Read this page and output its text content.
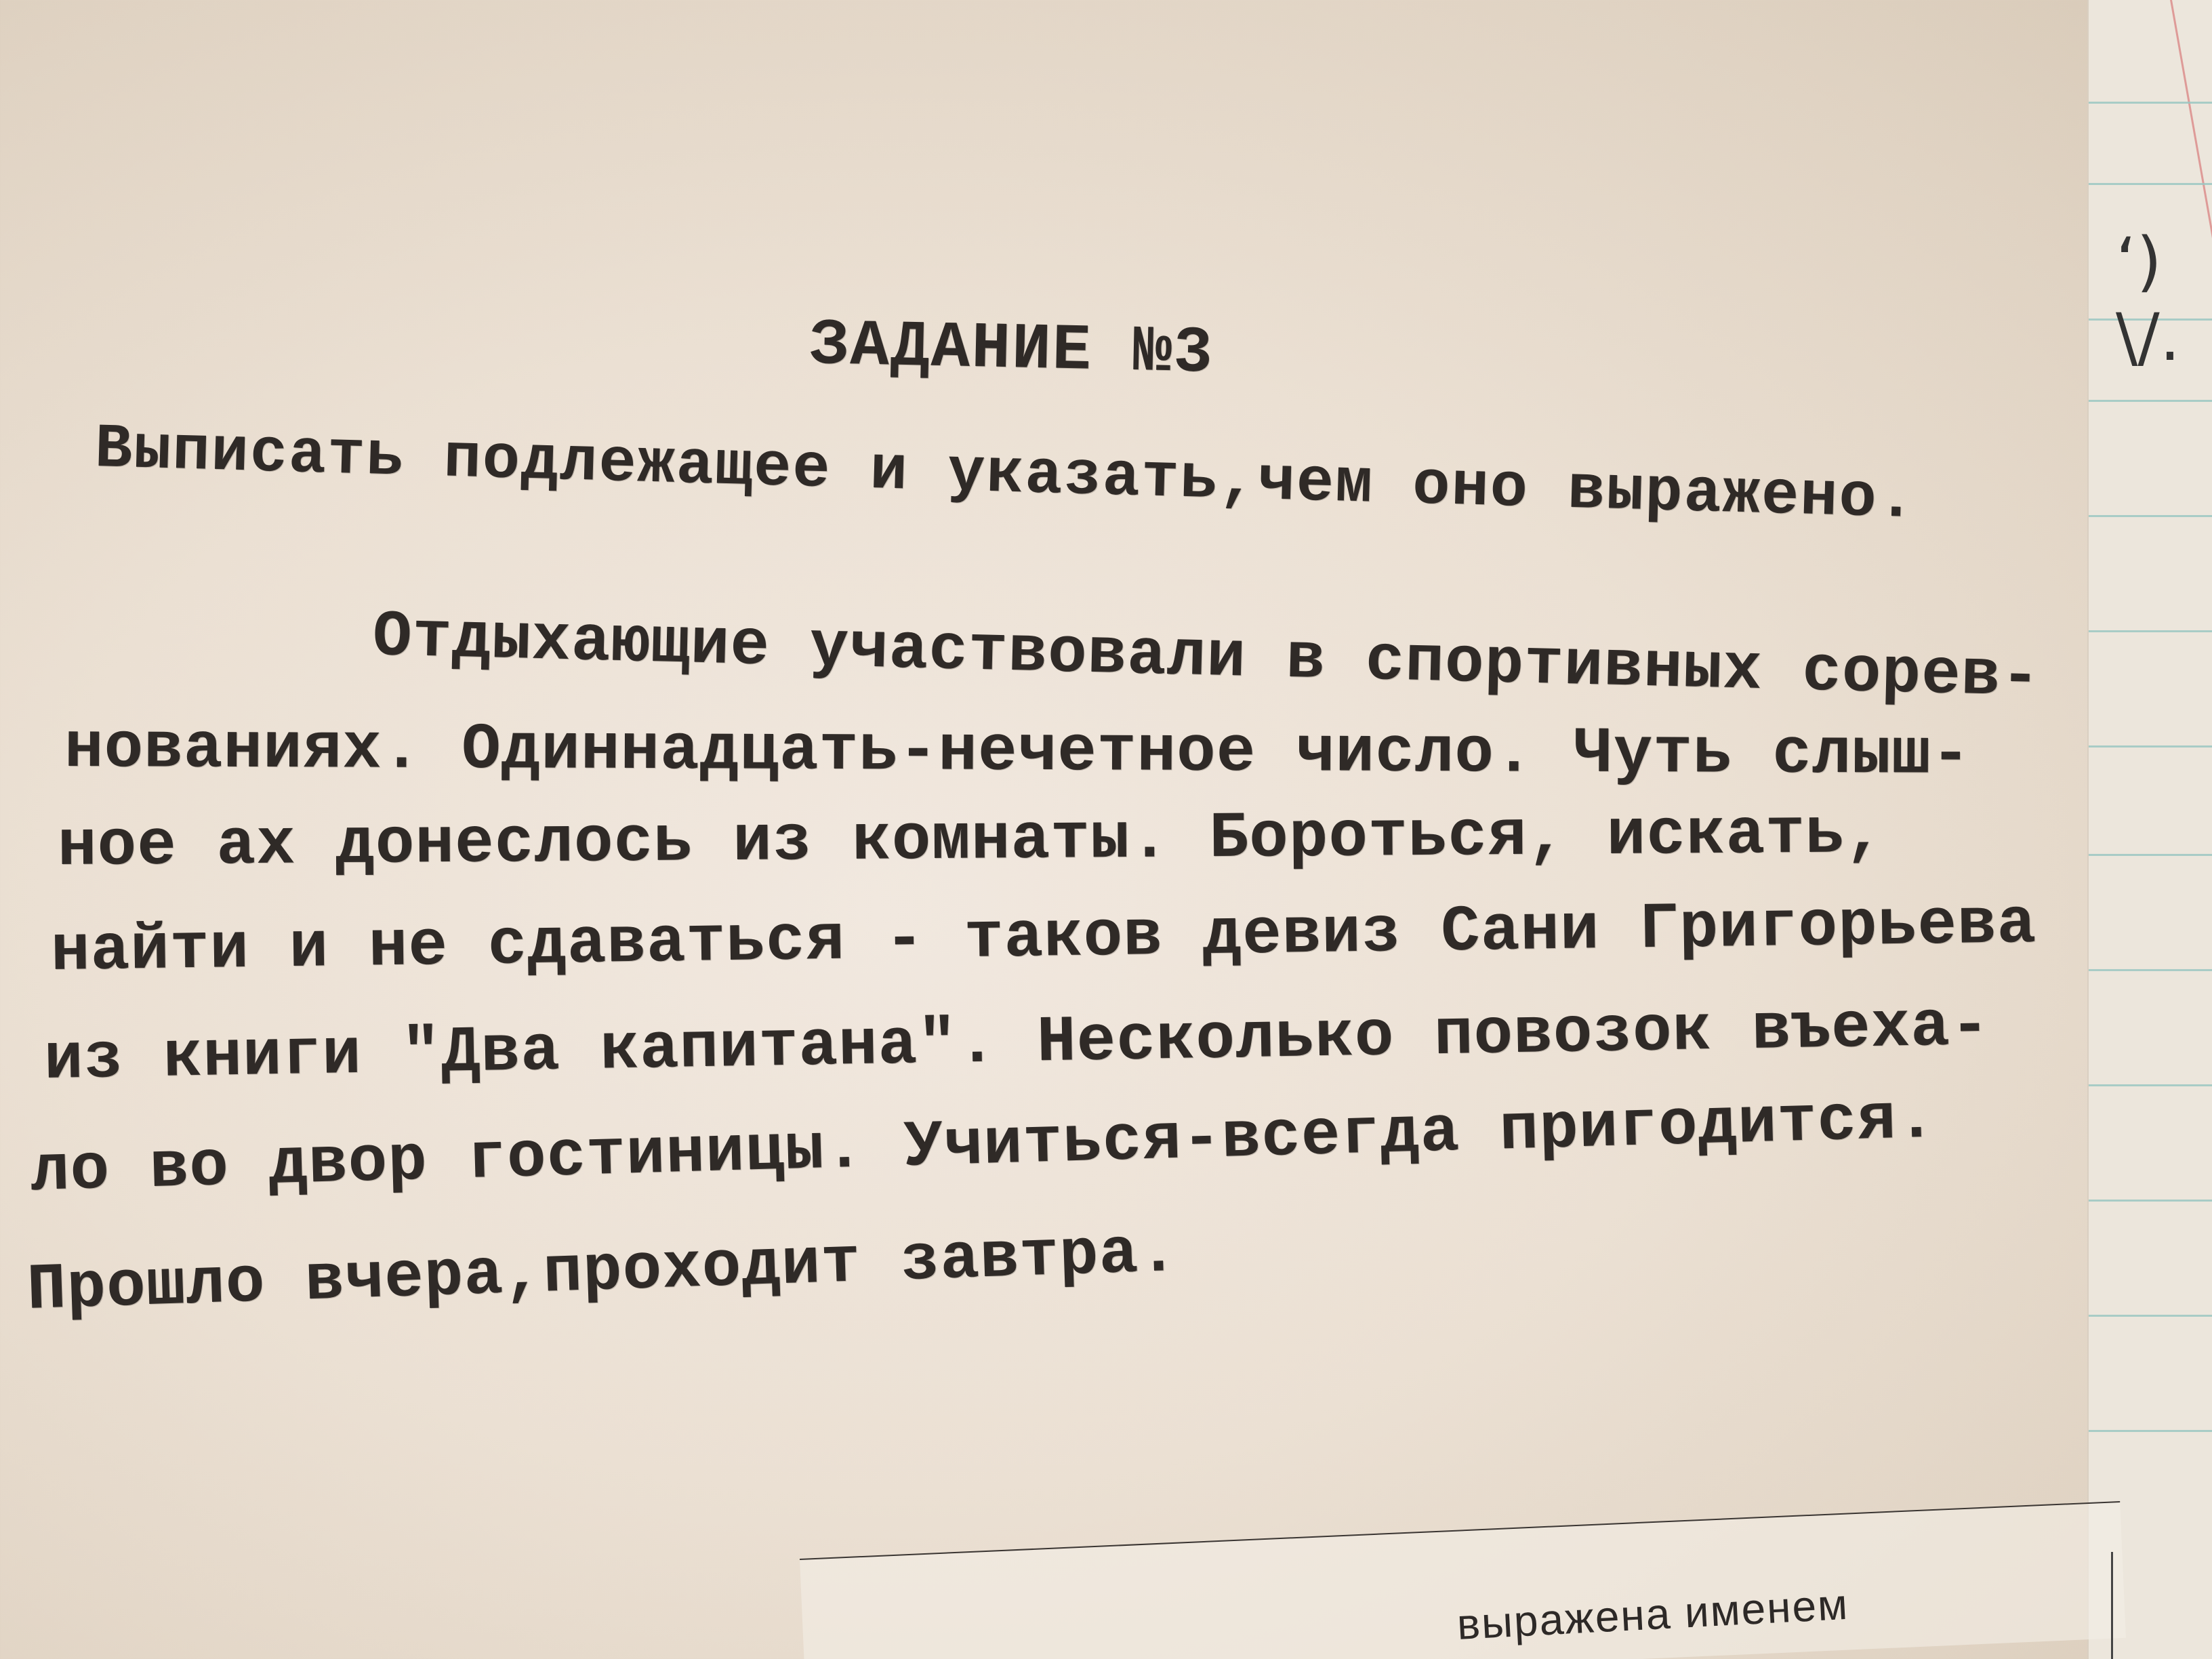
ЗАДАНИЕ №3
Выписать подлежащее и указать,чем оно выражено.
Отдыхающие участвовали в спортивных сорев-
нованиях. Одиннадцать-нечетное число. Чуть слыш-
ное ах донеслось из комнаты. Бороться, искать,
найти и не сдаваться - таков девиз Сани Григорьева
из книги "Два капитана". Несколько повозок въеха-
ло во двор гостиницы. Учиться-всегда пригодится.
Прошло вчера,проходит завтра.
‘) \/.
выражена именем
